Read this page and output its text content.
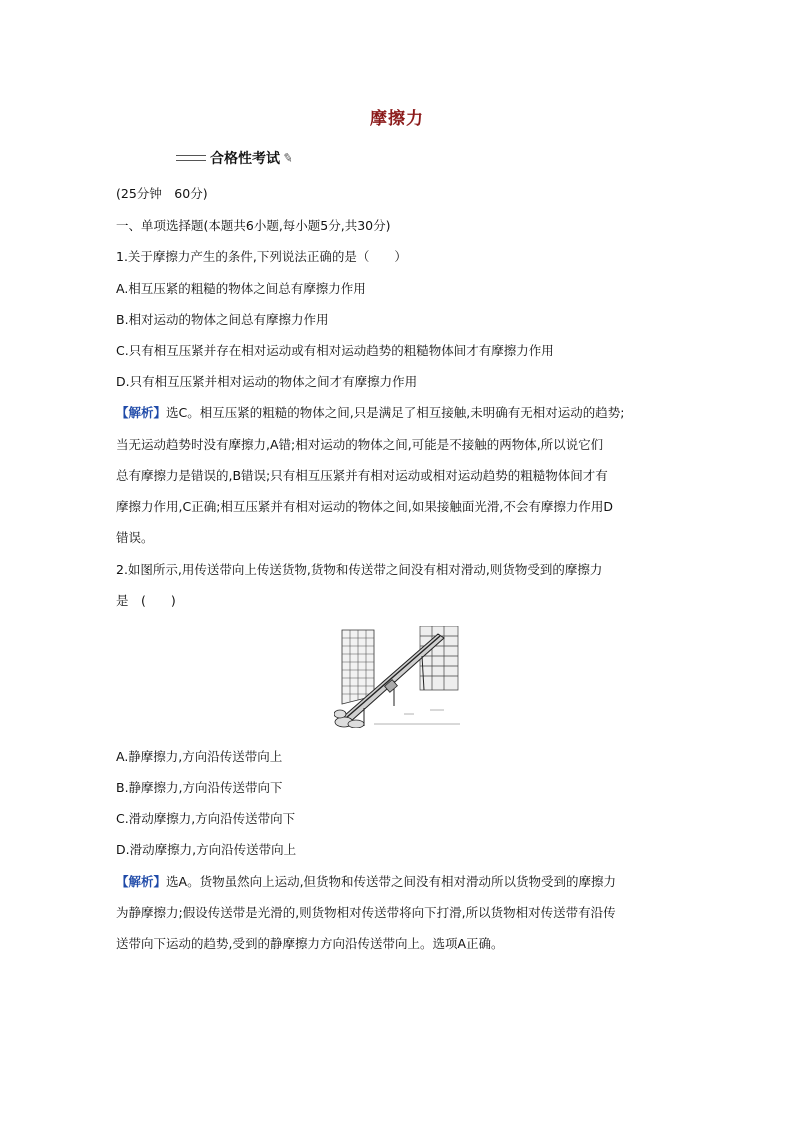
摩擦力
合格性考试 ✎
(25分钟　60分)
一、单项选择题(本题共6小题,每小题5分,共30分)
1.关于摩擦力产生的条件,下列说法正确的是（　　）
A.相互压紧的粗糙的物体之间总有摩擦力作用
B.相对运动的物体之间总有摩擦力作用
C.只有相互压紧并存在相对运动或有相对运动趋势的粗糙物体间才有摩擦力作用
D.只有相互压紧并相对运动的物体之间才有摩擦力作用
【解析】选C。相互压紧的粗糙的物体之间,只是满足了相互接触,未明确有无相对运动的趋势;
当无运动趋势时没有摩擦力,A错;相对运动的物体之间,可能是不接触的两物体,所以说它们
总有摩擦力是错误的,B错误;只有相互压紧并有相对运动或相对运动趋势的粗糙物体间才有
摩擦力作用,C正确;相互压紧并有相对运动的物体之间,如果接触面光滑,不会有摩擦力作用D
错误。
2.如图所示,用传送带向上传送货物,货物和传送带之间没有相对滑动,则货物受到的摩擦力
是　(　　)
A.静摩擦力,方向沿传送带向上
B.静摩擦力,方向沿传送带向下
C.滑动摩擦力,方向沿传送带向下
D.滑动摩擦力,方向沿传送带向上
【解析】选A。货物虽然向上运动,但货物和传送带之间没有相对滑动所以货物受到的摩擦力
为静摩擦力;假设传送带是光滑的,则货物相对传送带将向下打滑,所以货物相对传送带有沿传
送带向下运动的趋势,受到的静摩擦力方向沿传送带向上。选项A正确。
